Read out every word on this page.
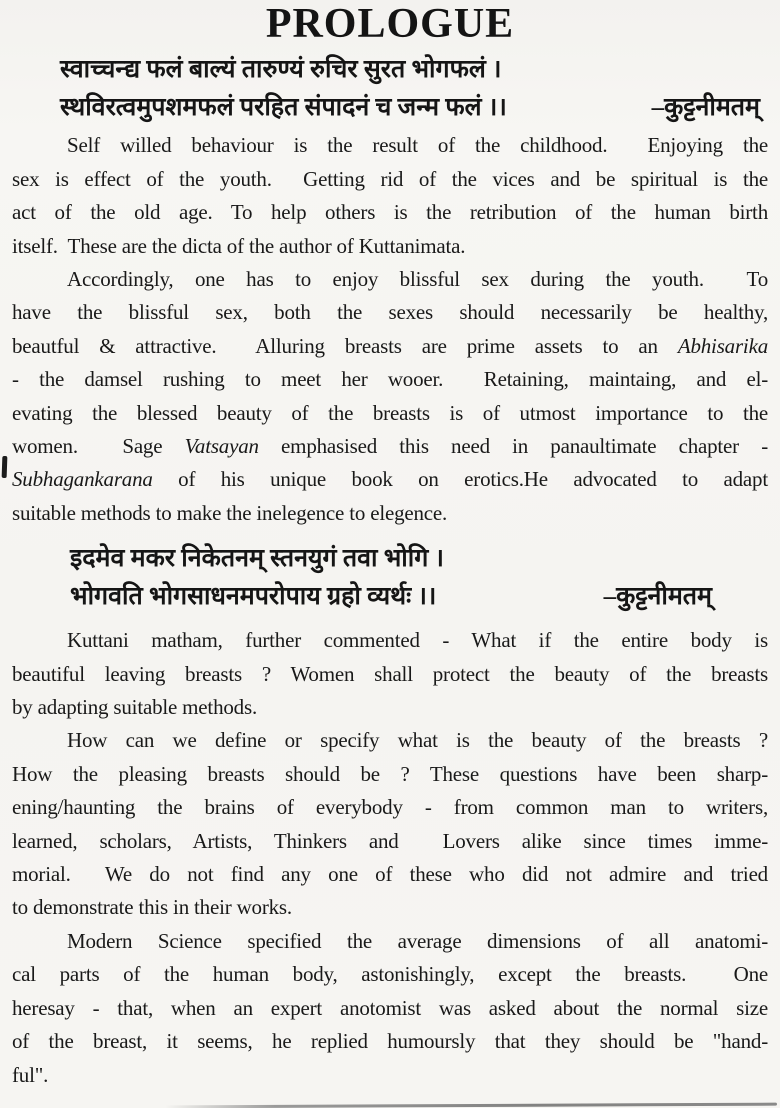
PROLOGUE
स्वाच्चन्द्य फलं बाल्यं तारुण्यं रुचिर सुरत भोगफलं ।
स्थविरत्वमुपशमफलं परहित संपादनं च जन्म फलं ।।	–कुट्टनीमतम्
Self willed behaviour is the result of the childhood.  Enjoying the
sex is effect of the youth.  Getting rid of the vices and be spiritual is the
act of the old age. To help others is the retribution of the human birth
itself.  These are the dicta of the author of Kuttanimata.
Accordingly, one has to enjoy blissful sex during the youth.  To
have the blissful sex, both the sexes should necessarily be healthy,
beautful & attractive.  Alluring breasts are prime assets to an Abhisarika
- the damsel rushing to meet her wooer.  Retaining, maintaing, and el-
evating the blessed beauty of the breasts is of utmost importance to the
women.  Sage Vatsayan emphasised this need in panaultimate chapter -
Subhagankarana of his unique book on erotics.He advocated to adapt
suitable methods to make the inelegence to elegence.
इदमेव मकर निकेतनम् स्तनयुगं तवा भोगि ।
भोगवति भोगसाधनमपरोपाय ग्रहो व्यर्थः ।।	–कुट्टनीमतम्
Kuttani matham, further commented - What if the entire body is
beautiful leaving breasts ? Women shall protect the beauty of the breasts
by adapting suitable methods.
How can we define or specify what is the beauty of the breasts ?
How the pleasing breasts should be ? These questions have been sharp-
ening/haunting the brains of everybody - from common man to writers,
learned, scholars, Artists, Thinkers and  Lovers alike since times imme-
morial.  We do not find any one of these who did not admire and tried
to demonstrate this in their works.
Modern Science specified the average dimensions of all anatomi-
cal parts of the human body, astonishingly, except the breasts.  One
heresay - that, when an expert anotomist was asked about the normal size
of the breast, it seems, he replied humoursly that they should be "hand-
ful".
